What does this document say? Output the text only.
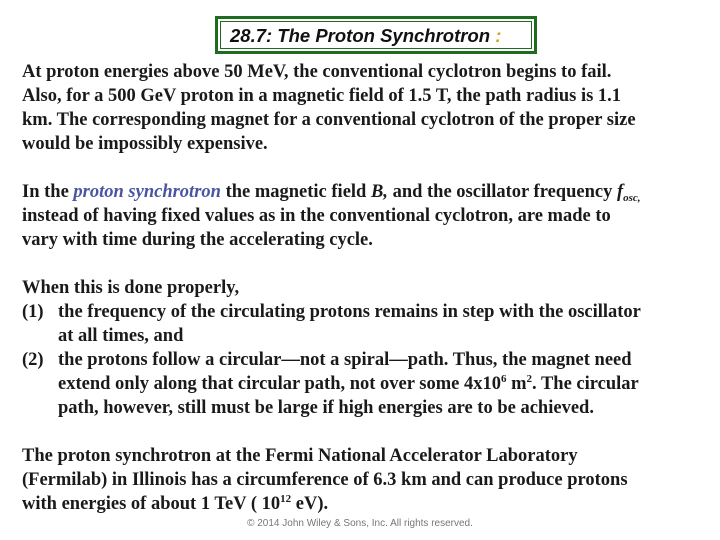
28.7: The Proton Synchrotron :
At proton energies above 50 MeV, the conventional cyclotron begins to fail.
Also, for a 500 GeV proton in a magnetic field of 1.5 T, the path radius is 1.1
km. The corresponding magnet for a conventional cyclotron of the proper size
would be impossibly expensive.
In the proton synchrotron the magnetic field B, and the oscillator frequency $f_{osc,}$
instead of having fixed values as in the conventional cyclotron, are made to
vary with time during the accelerating cycle.
When this is done properly,
(1) the frequency of the circulating protons remains in step with the oscillator
at all times, and
(2) the protons follow a circular—not a spiral—path. Thus, the magnet need
extend only along that circular path, not over some $4x10^6$ $m^2$. The circular
path, however, still must be large if high energies are to be achieved.
The proton synchrotron at the Fermi National Accelerator Laboratory
(Fermilab) in Illinois has a circumference of 6.3 km and can produce protons
with energies of about 1 TeV ( $10^{12}$ eV).
© 2014 John Wiley & Sons, Inc. All rights reserved.
